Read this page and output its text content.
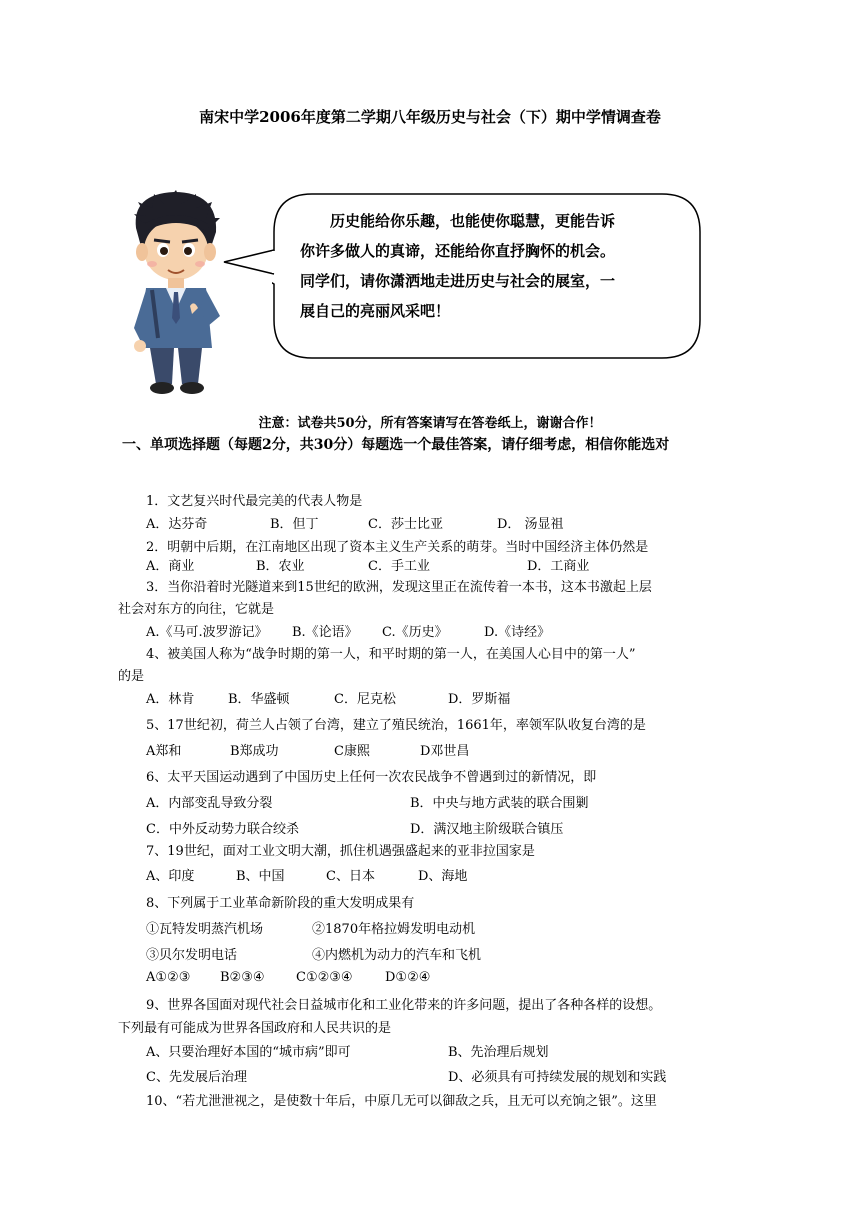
南宋中学2006年度第二学期八年级历史与社会（下）期中学情调查卷
历史能给你乐趣，也能使你聪慧，更能告诉
你许多做人的真谛，还能给你直抒胸怀的机会。
同学们，请你潇洒地走进历史与社会的展室，一
展自己的亮丽风采吧！
注意：试卷共50分，所有答案请写在答卷纸上，谢谢合作！
一、单项选择题（每题2分，共30分）每题选一个最佳答案，请仔细考虑，相信你能选对
1．文艺复兴时代最完美的代表人物是
A．达芬奇	B．但丁	C．莎士比亚	D． 汤显祖
2．明朝中后期，在江南地区出现了资本主义生产关系的萌芽。当时中国经济主体仍然是
A．商业	B．农业	C．手工业	D．工商业
3．当你沿着时光隧道来到15世纪的欧洲，发现这里正在流传着一本书，这本书激起上层
社会对东方的向往，它就是
A.《马可.波罗游记》 B.《论语》 C.《历史》	D.《诗经》
4、被美国人称为“战争时期的第一人，和平时期的第一人，在美国人心目中的第一人”
的是
A．林肯	B．华盛顿	C．尼克松	D．罗斯福
5、17世纪初，荷兰人占领了台湾，建立了殖民统治，1661年，率领军队收复台湾的是
A郑和	B郑成功	C康熙	D邓世昌
6、太平天国运动遇到了中国历史上任何一次农民战争不曾遇到过的新情况，即
A．内部变乱导致分裂	B．中央与地方武装的联合围剿
C．中外反动势力联合绞杀	D．满汉地主阶级联合镇压
7、19世纪，面对工业文明大潮，抓住机遇强盛起来的亚非拉国家是
A、印度	B、中国	C、日本	D、海地
8、下列属于工业革命新阶段的重大发明成果有
①瓦特发明蒸汽机场	②1870年格拉姆发明电动机
③贝尔发明电话	④内燃机为动力的汽车和飞机
A①②③ B②③④ C①②③④ D①②④
9、世界各国面对现代社会日益城市化和工业化带来的许多问题，提出了各种各样的设想。
下列最有可能成为世界各国政府和人民共识的是
A、只要治理好本国的“城市病”即可	B、先治理后规划
C、先发展后治理	D、必须具有可持续发展的规划和实践
10、“若尤泄泄视之，是使数十年后，中原几无可以御敌之兵，且无可以充饷之银”。这里
